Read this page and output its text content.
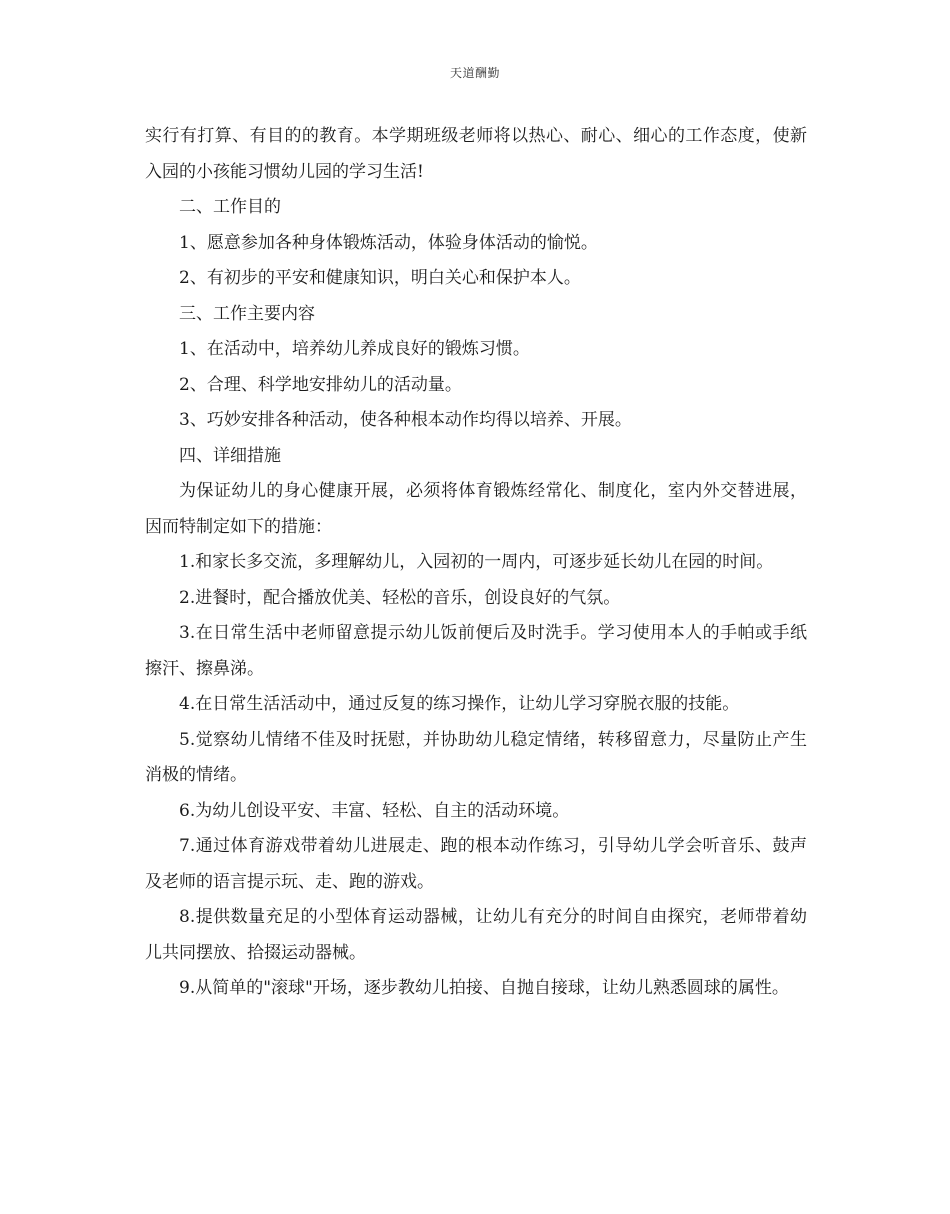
天道酬勤

实行有打算、有目的的教育。本学期班级老师将以热心、耐心、细心的工作态度，使新入园的小孩能习惯幼儿园的学习生活!

二、工作目的

1、愿意参加各种身体锻炼活动，体验身体活动的愉悦。

2、有初步的平安和健康知识，明白关心和保护本人。

三、工作主要内容

1、在活动中，培养幼儿养成良好的锻炼习惯。

2、合理、科学地安排幼儿的活动量。

3、巧妙安排各种活动，使各种根本动作均得以培养、开展。

四、详细措施

为保证幼儿的身心健康开展，必须将体育锻炼经常化、制度化，室内外交替进展，因而特制定如下的措施：

1.和家长多交流，多理解幼儿，入园初的一周内，可逐步延长幼儿在园的时间。

2.进餐时，配合播放优美、轻松的音乐，创设良好的气氛。

3.在日常生活中老师留意提示幼儿饭前便后及时洗手。学习使用本人的手帕或手纸擦汗、擦鼻涕。

4.在日常生活活动中，通过反复的练习操作，让幼儿学习穿脱衣服的技能。

5.觉察幼儿情绪不佳及时抚慰，并协助幼儿稳定情绪，转移留意力，尽量防止产生消极的情绪。

6.为幼儿创设平安、丰富、轻松、自主的活动环境。

7.通过体育游戏带着幼儿进展走、跑的根本动作练习，引导幼儿学会听音乐、鼓声及老师的语言提示玩、走、跑的游戏。

8.提供数量充足的小型体育运动器械，让幼儿有充分的时间自由探究，老师带着幼儿共同摆放、拾掇运动器械。

9.从简单的"滚球"开场，逐步教幼儿拍接、自抛自接球，让幼儿熟悉圆球的属性。
